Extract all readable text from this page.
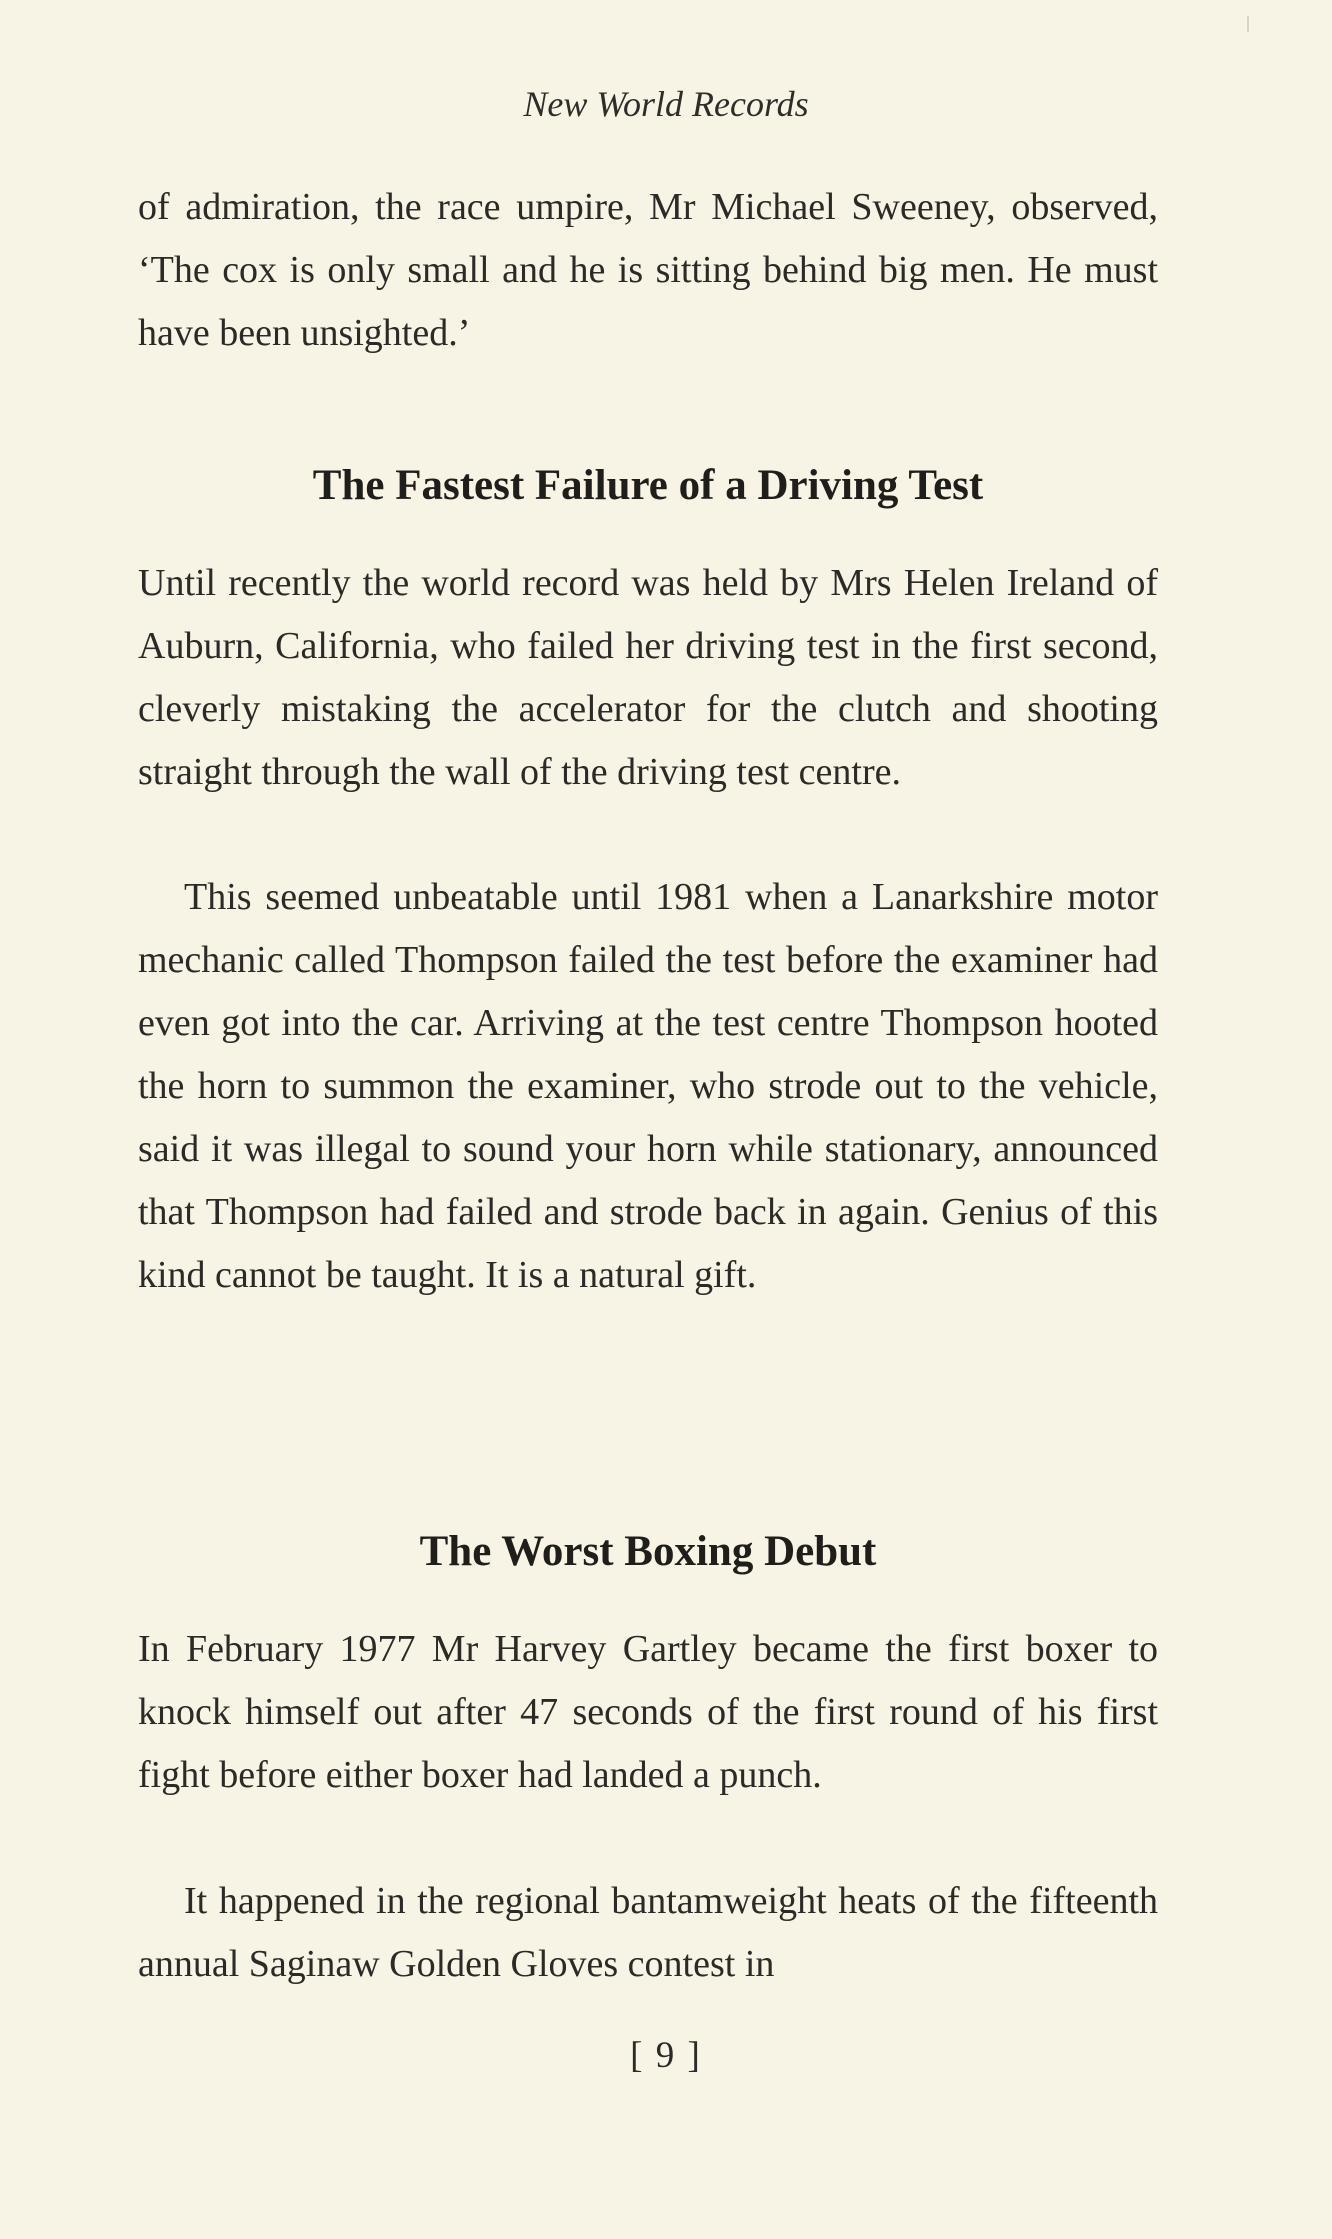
New World Records

of admiration, the race umpire, Mr Michael Sweeney, observed, ‘The cox is only small and he is sitting behind big men. He must have been unsighted.’

The Fastest Failure of a Driving Test

Until recently the world record was held by Mrs Helen Ireland of Auburn, California, who failed her driving test in the first second, cleverly mistaking the accelerator for the clutch and shooting straight through the wall of the driving test centre.

This seemed unbeatable until 1981 when a Lanarkshire motor mechanic called Thompson failed the test before the examiner had even got into the car. Arriving at the test centre Thompson hooted the horn to summon the examiner, who strode out to the vehicle, said it was illegal to sound your horn while stationary, announced that Thompson had failed and strode back in again. Genius of this kind cannot be taught. It is a natural gift.

The Worst Boxing Debut

In February 1977 Mr Harvey Gartley became the first boxer to knock himself out after 47 seconds of the first round of his first fight before either boxer had landed a punch.

It happened in the regional bantamweight heats of the fifteenth annual Saginaw Golden Gloves contest in

[ 9 ]
